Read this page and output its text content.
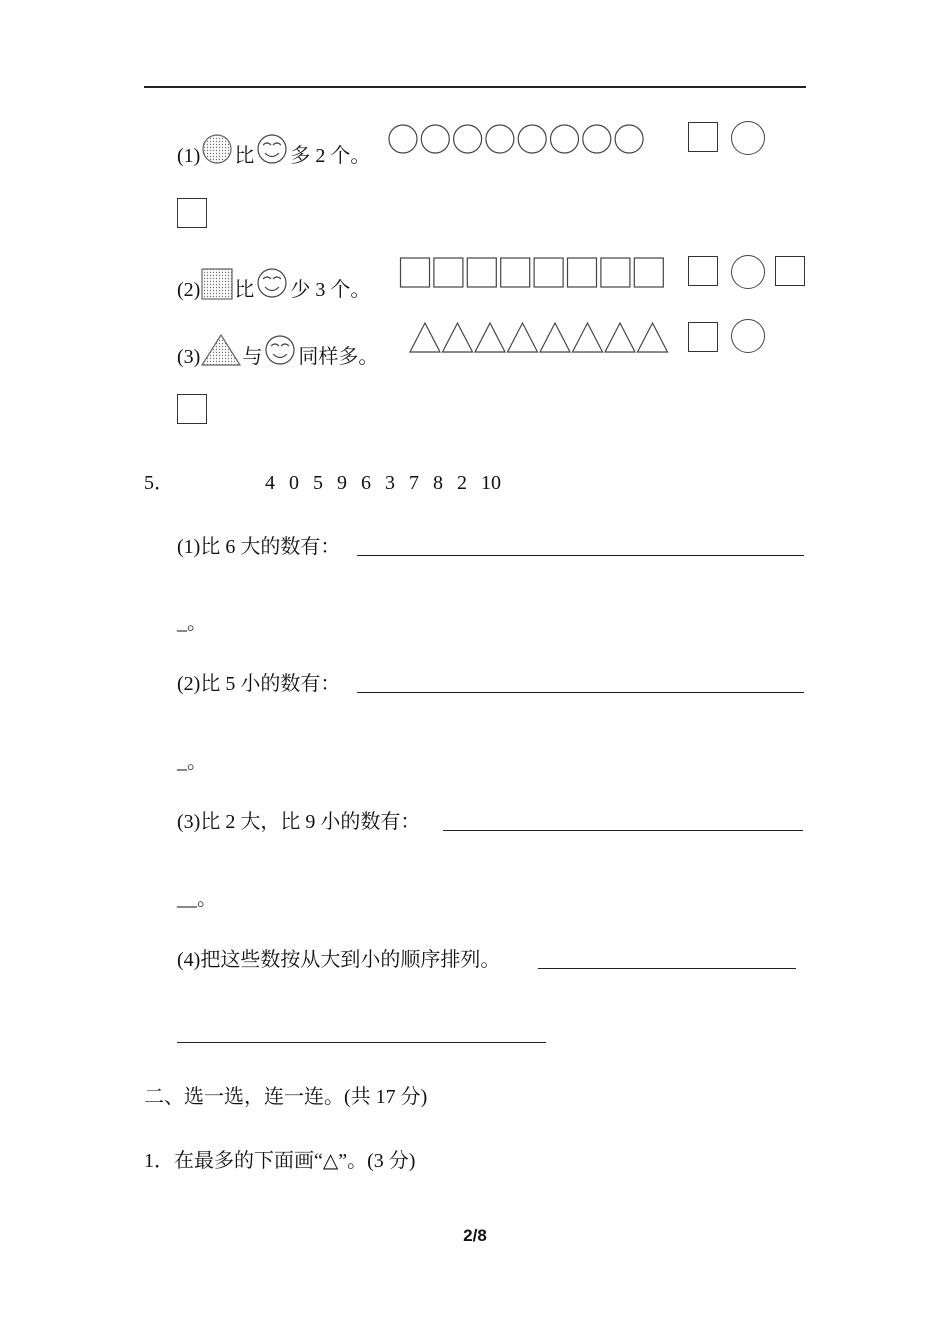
(1) 比 多 2 个。
(2) 比 少 3 个。
(3) 与 同样多。
5．	4 0 5 9 6 3 7 8 2 10
(1)比 6 大的数有：
_。
(2)比 5 小的数有：
_。
(3)比 2 大，比 9 小的数有：
__。
(4)把这些数按从大到小的顺序排列。
二、选一选，连一连。(共 17 分)
1．在最多的下面画“△”。(3 分)
2/8
